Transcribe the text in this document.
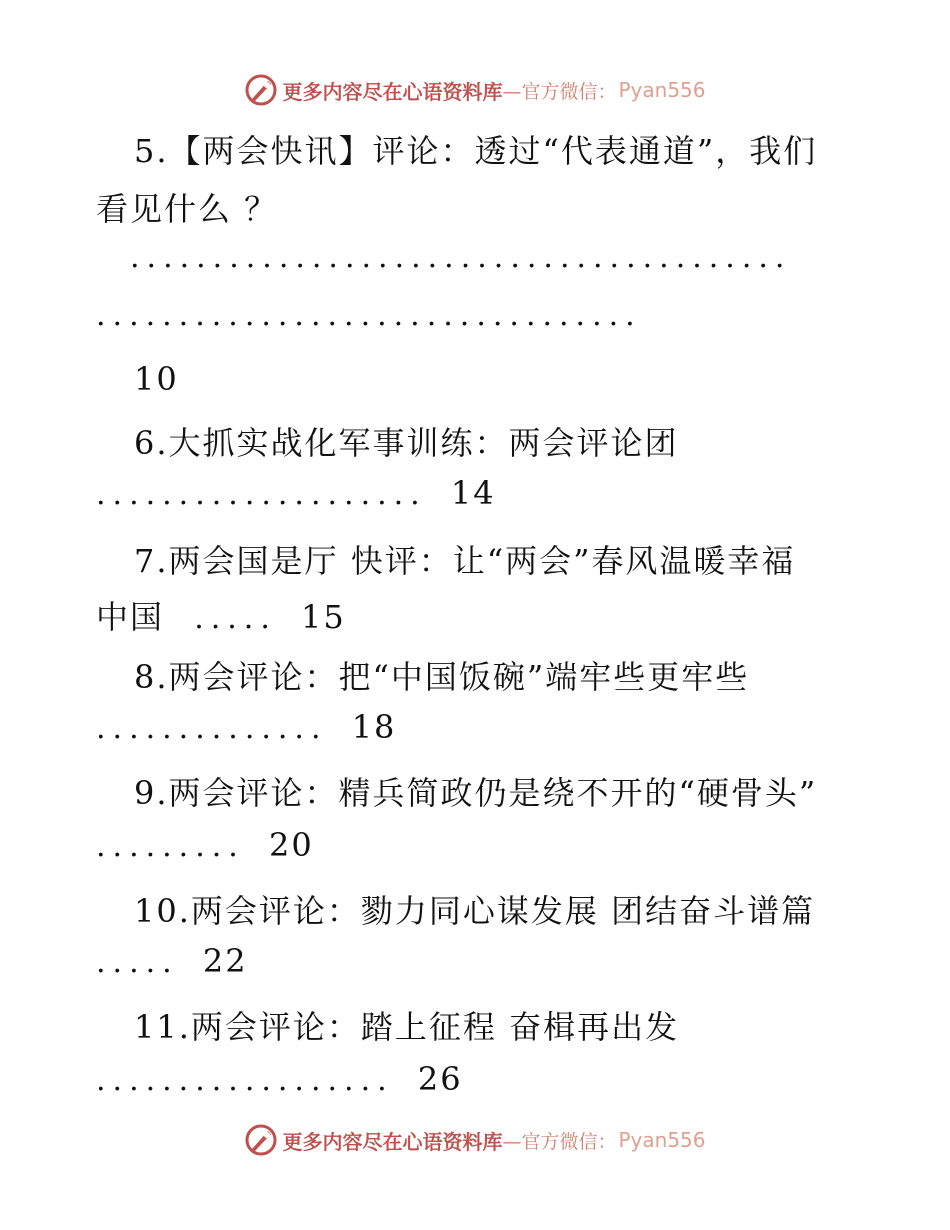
更多内容尽在心语资料库 —官方微信： Pyan556
5.【两会快讯】评论：透过“代表通道”，我们
看见什么 ？
........................................
.................................
10
6.大抓实战化军事训练：两会评论团
.................... 14
7.两会国是厅 快评：让“两会”春风温暖幸福
中国 ..... 15
8.两会评论：把“中国饭碗”端牢些更牢些
.............. 18
9.两会评论：精兵简政仍是绕不开的“硬骨头”
......... 20
10.两会评论：勠力同心谋发展 团结奋斗谱篇
..... 22
11.两会评论：踏上征程 奋楫再出发
.................. 26
更多内容尽在心语资料库 —官方微信： Pyan556
